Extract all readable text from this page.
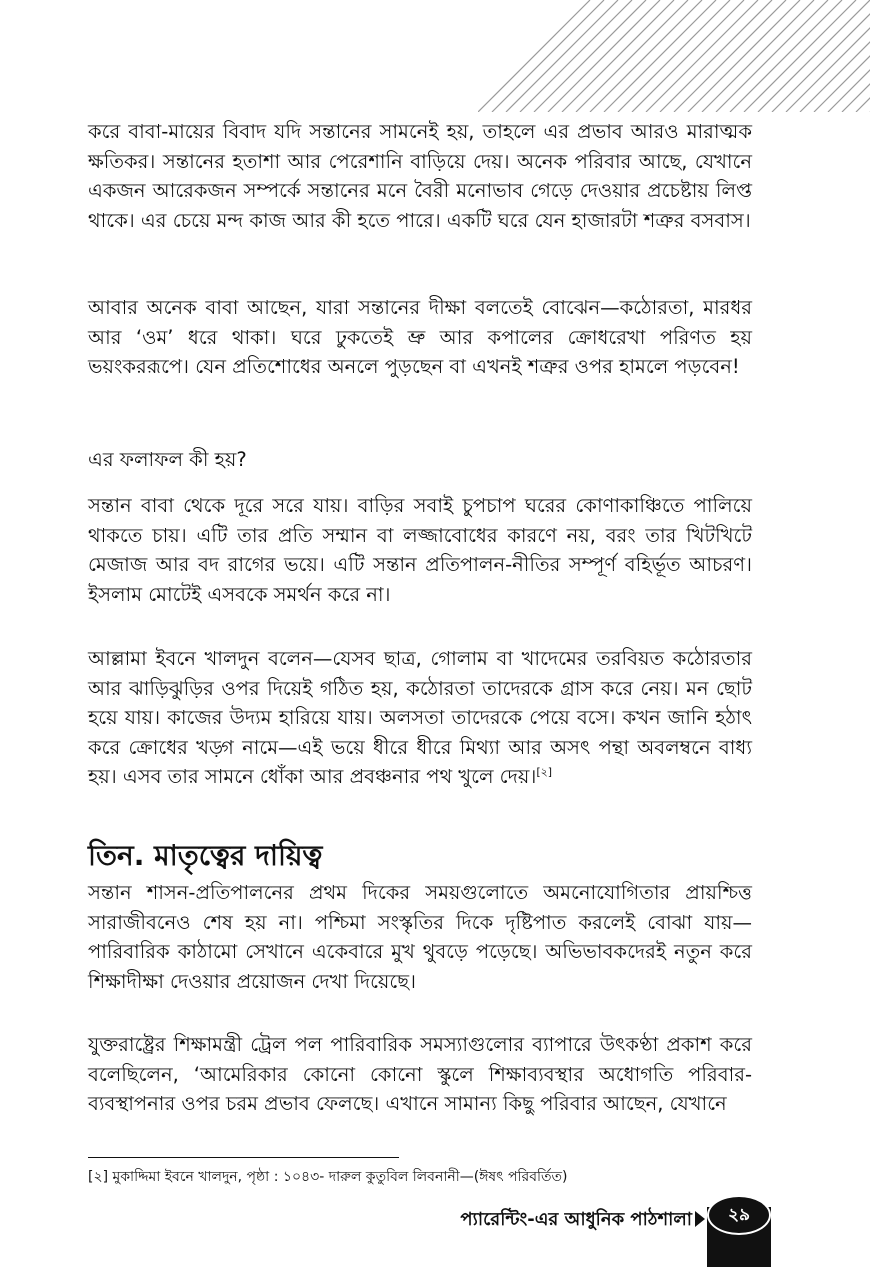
করে বাবা-মায়ের বিবাদ যদি সন্তানের সামনেই হয়, তাহলে এর প্রভাব আরও মারাত্মক ক্ষতিকর। সন্তানের হতাশা আর পেরেশানি বাড়িয়ে দেয়। অনেক পরিবার আছে, যেখানে একজন আরেকজন সম্পর্কে সন্তানের মনে বৈরী মনোভাব গেড়ে দেওয়ার প্রচেষ্টায় লিপ্ত থাকে। এর চেয়ে মন্দ কাজ আর কী হতে পারে। একটি ঘরে যেন হাজারটা শত্রুর বসবাস।

আবার অনেক বাবা আছেন, যারা সন্তানের দীক্ষা বলতেই বোঝেন—কঠোরতা, মারধর আর ‘ওম’ ধরে থাকা। ঘরে ঢুকতেই ভ্রু আর কপালের ক্রোধরেখা পরিণত হয় ভয়ংকররূপে। যেন প্রতিশোধের অনলে পুড়ছেন বা এখনই শত্রুর ওপর হামলে পড়বেন!

এর ফলাফল কী হয়?

সন্তান বাবা থেকে দূরে সরে যায়। বাড়ির সবাই চুপচাপ ঘরের কোণাকাঞ্চিতে পালিয়ে থাকতে চায়। এটি তার প্রতি সম্মান বা লজ্জাবোধের কারণে নয়, বরং তার খিটখিটে মেজাজ আর বদ রাগের ভয়ে। এটি সন্তান প্রতিপালন-নীতির সম্পূর্ণ বহির্ভূত আচরণ। ইসলাম মোটেই এসবকে সমর্থন করে না।

আল্লামা ইবনে খালদুন বলেন—যেসব ছাত্র, গোলাম বা খাদেমের তরবিয়ত কঠোরতার আর ঝাড়িঝুড়ির ওপর দিয়েই গঠিত হয়, কঠোরতা তাদেরকে গ্রাস করে নেয়। মন ছোট হয়ে যায়। কাজের উদ্যম হারিয়ে যায়। অলসতা তাদেরকে পেয়ে বসে। কখন জানি হঠাৎ করে ক্রোধের খড়্গ নামে—এই ভয়ে ধীরে ধীরে মিথ্যা আর অসৎ পন্থা অবলম্বনে বাধ্য হয়। এসব তার সামনে ধোঁকা আর প্রবঞ্চনার পথ খুলে দেয়।[২]

তিন. মাতৃত্বের দায়িত্ব

সন্তান শাসন-প্রতিপালনের প্রথম দিকের সময়গুলোতে অমনোযোগিতার প্রায়শ্চিত্ত সারাজীবনেও শেষ হয় না। পশ্চিমা সংস্কৃতির দিকে দৃষ্টিপাত করলেই বোঝা যায়—পারিবারিক কাঠামো সেখানে একেবারে মুখ থুবড়ে পড়েছে। অভিভাবকদেরই নতুন করে শিক্ষাদীক্ষা দেওয়ার প্রয়োজন দেখা দিয়েছে।

যুক্তরাষ্ট্রের শিক্ষামন্ত্রী ট্রেল পল পারিবারিক সমস্যাগুলোর ব্যাপারে উৎকণ্ঠা প্রকাশ করে বলেছিলেন, ‘আমেরিকার কোনো কোনো স্কুলে শিক্ষাব্যবস্থার অধোগতি পরিবার-ব্যবস্থাপনার ওপর চরম প্রভাব ফেলছে। এখানে সামান্য কিছু পরিবার আছেন, যেখানে

[২] মুকাদ্দিমা ইবনে খালদুন, পৃষ্ঠা : ১০৪৩- দারুল কুতুবিল লিবনানী—(ঈষৎ পরিবর্তিত)

প্যারেন্টিং-এর আধুনিক পাঠশালা ২৯
